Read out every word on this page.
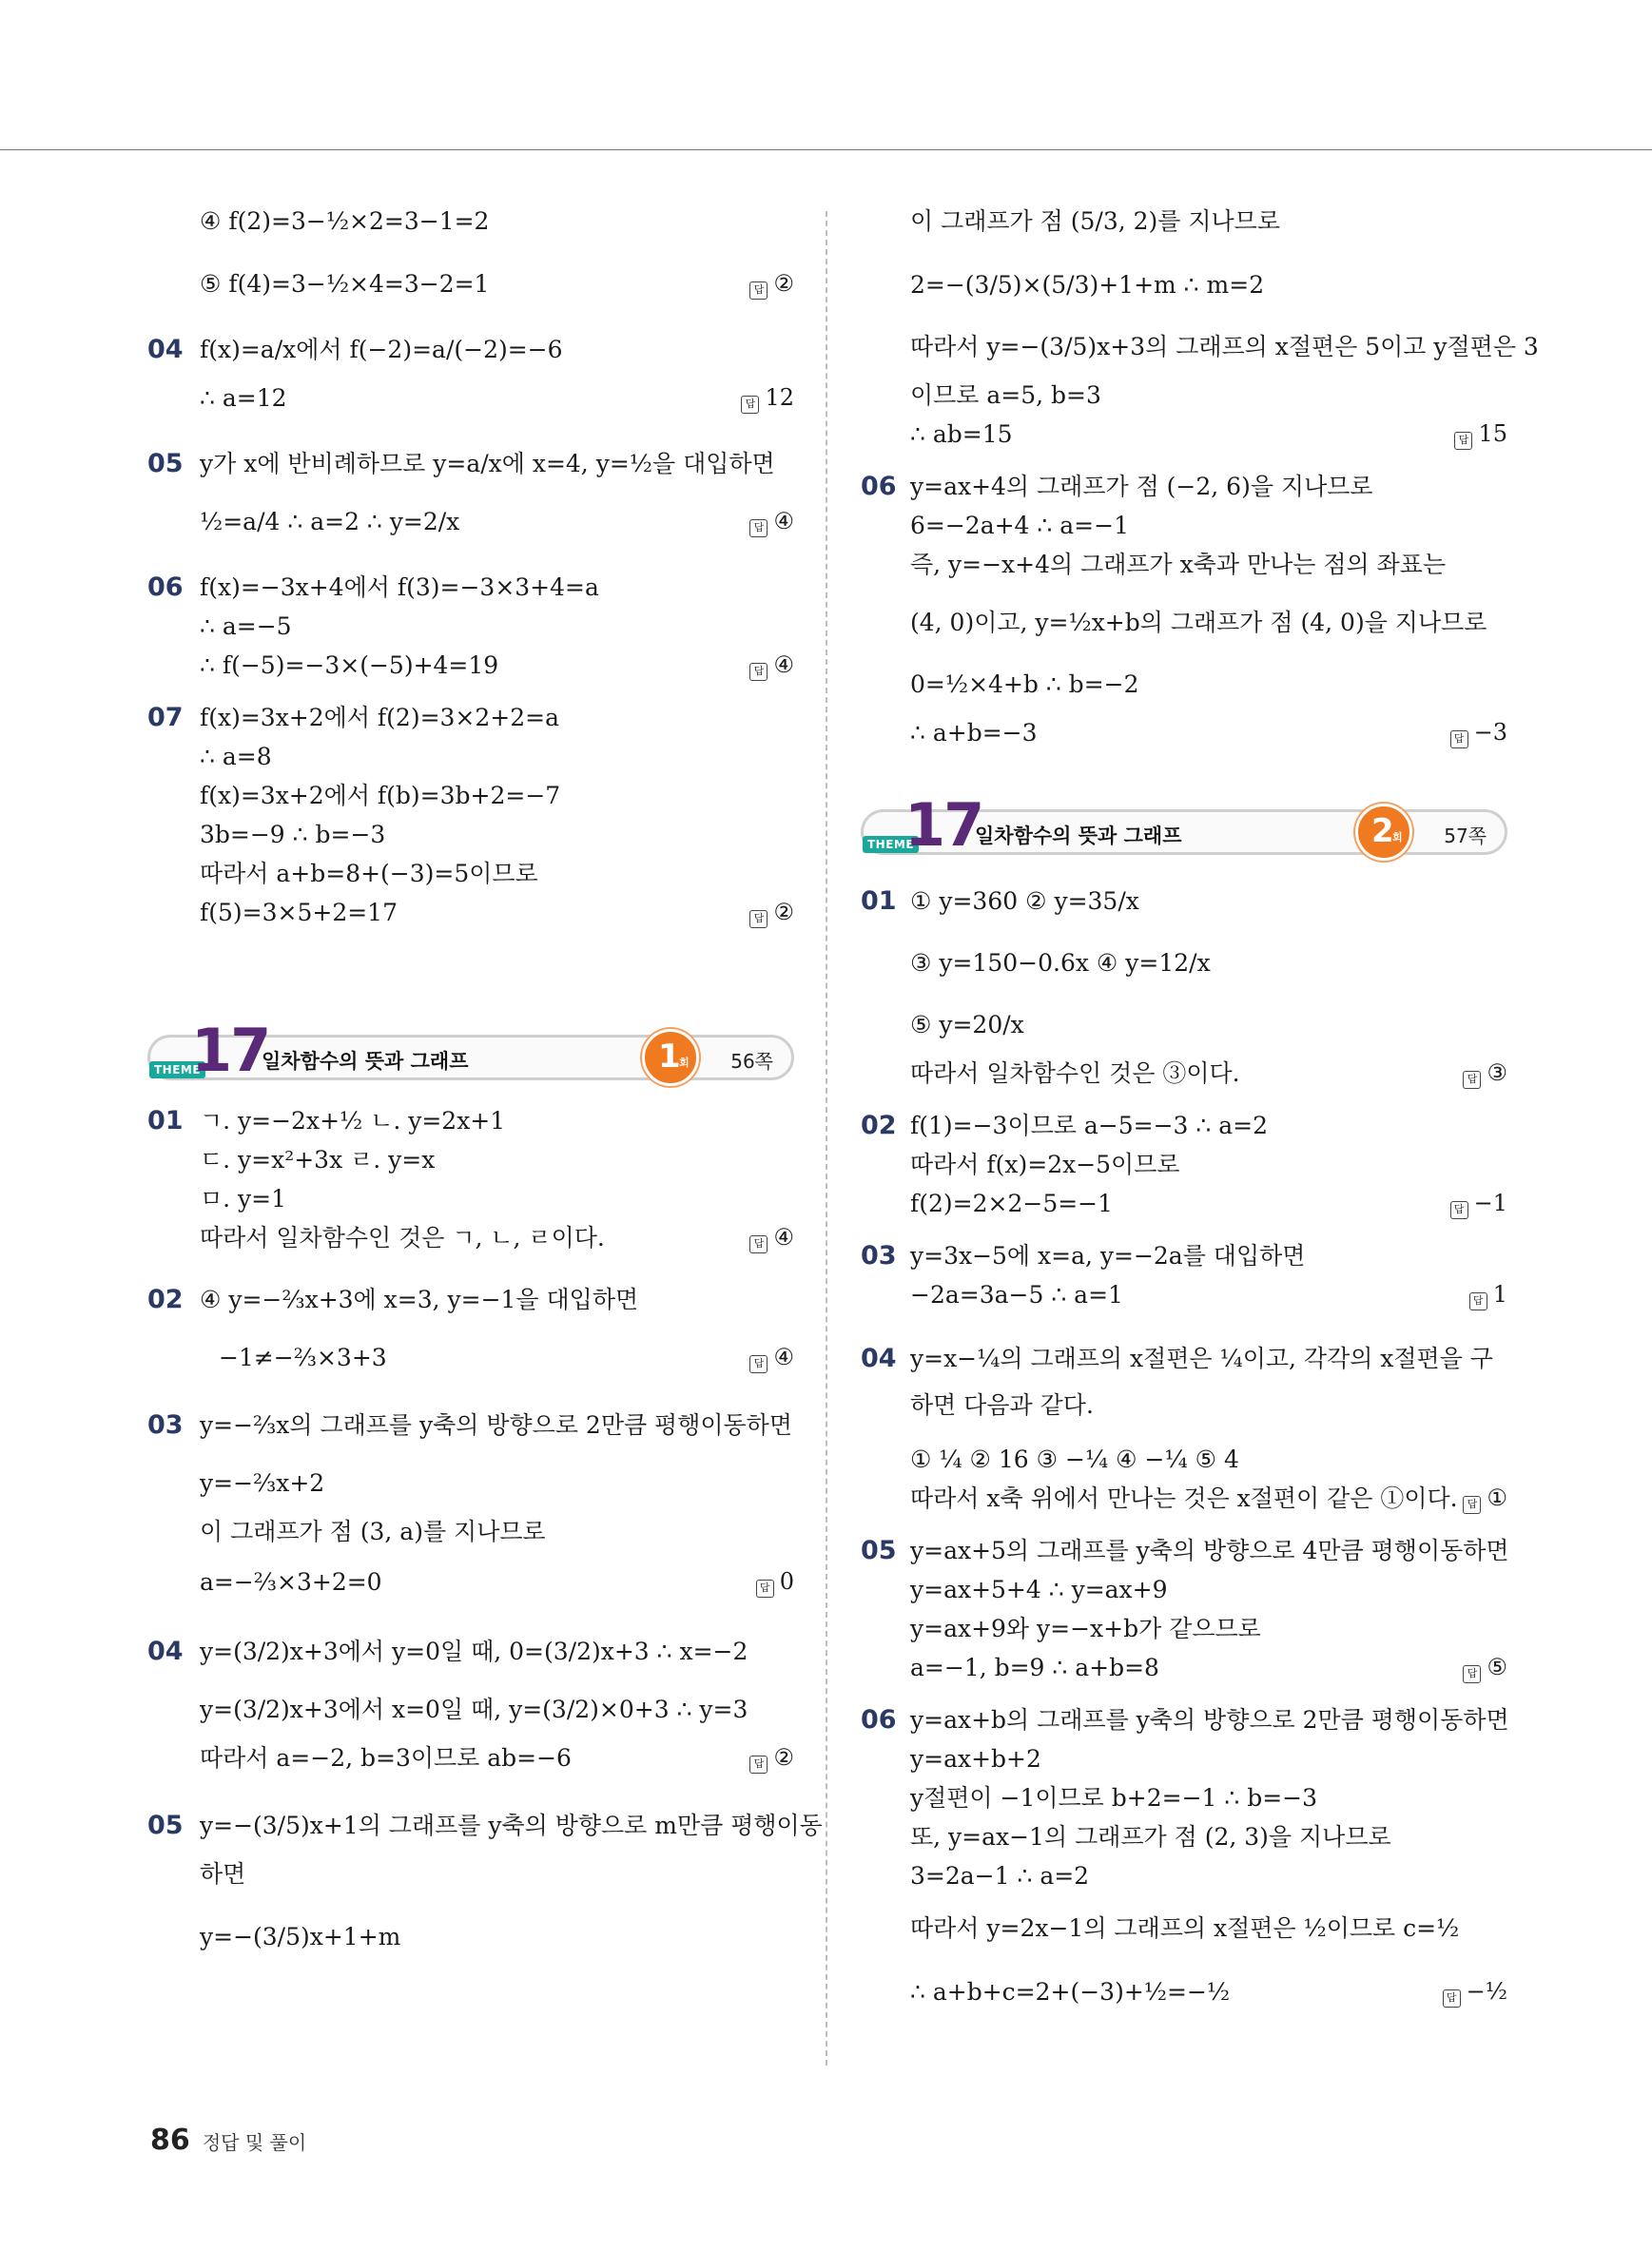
④ f(2)=3−½×2=3−1=2
⑤ f(4)=3−½×4=3−2=1	답 ②
04 f(x)=a/x에서 f(−2)=a/(−2)=−6
∴ a=12	답 12
05 y가 x에 반비례하므로 y=a/x에 x=4, y=½을 대입하면
½=a/4 ∴ a=2 ∴ y=2/x	답 ④
06 f(x)=−3x+4에서 f(3)=−3×3+4=a
∴ a=−5
∴ f(−5)=−3×(−5)+4=19	답 ④
07 f(x)=3x+2에서 f(2)=3×2+2=a
∴ a=8
f(x)=3x+2에서 f(b)=3b+2=−7
3b=−9 ∴ b=−3
따라서 a+b=8+(−3)=5이므로
f(5)=3×5+2=17	답 ②
THEME
17
일차함수의 뜻과 그래프	1
회 56쪽
01 ㄱ. y=−2x+½ ㄴ. y=2x+1
ㄷ. y=x²+3x ㄹ. y=x
ㅁ. y=1
따라서 일차함수인 것은 ㄱ, ㄴ, ㄹ이다.	답 ④
02 ④ y=−⅔x+3에 x=3, y=−1을 대입하면
−1≠−⅔×3+3	답 ④
03 y=−⅔x의 그래프를 y축의 방향으로 2만큼 평행이동하면
y=−⅔x+2
이 그래프가 점 (3, a)를 지나므로
a=−⅔×3+2=0	답 0
04 y=(3/2)x+3에서 y=0일 때, 0=(3/2)x+3 ∴ x=−2
y=(3/2)x+3에서 x=0일 때, y=(3/2)×0+3 ∴ y=3
따라서 a=−2, b=3이므로 ab=−6	답 ②
05 y=−(3/5)x+1의 그래프를 y축의 방향으로 m만큼 평행이동
하면
y=−(3/5)x+1+m
이 그래프가 점 (5/3, 2)를 지나므로
2=−(3/5)×(5/3)+1+m ∴ m=2
따라서 y=−(3/5)x+3의 그래프의 x절편은 5이고 y절편은 3
이므로 a=5, b=3
∴ ab=15	답 15
06 y=ax+4의 그래프가 점 (−2, 6)을 지나므로
6=−2a+4 ∴ a=−1
즉, y=−x+4의 그래프가 x축과 만나는 점의 좌표는
(4, 0)이고, y=½x+b의 그래프가 점 (4, 0)을 지나므로
0=½×4+b ∴ b=−2
∴ a+b=−3	답 −3
THEME
17
일차함수의 뜻과 그래프	2
회 57쪽
01 ① y=360 ② y=35/x
③ y=150−0.6x ④ y=12/x
⑤ y=20/x
따라서 일차함수인 것은 ③이다.	답 ③
02 f(1)=−3이므로 a−5=−3 ∴ a=2
따라서 f(x)=2x−5이므로
f(2)=2×2−5=−1	답 −1
03 y=3x−5에 x=a, y=−2a를 대입하면
−2a=3a−5 ∴ a=1	답 1
04 y=x−¼의 그래프의 x절편은 ¼이고, 각각의 x절편을 구
하면 다음과 같다.
① ¼ ② 16 ③ −¼ ④ −¼ ⑤ 4
따라서 x축 위에서 만나는 것은 x절편이 같은 ①이다. 답 ①
05 y=ax+5의 그래프를 y축의 방향으로 4만큼 평행이동하면
y=ax+5+4 ∴ y=ax+9
y=ax+9와 y=−x+b가 같으므로
a=−1, b=9 ∴ a+b=8	답 ⑤
06 y=ax+b의 그래프를 y축의 방향으로 2만큼 평행이동하면
y=ax+b+2
y절편이 −1이므로 b+2=−1 ∴ b=−3
또, y=ax−1의 그래프가 점 (2, 3)을 지나므로
3=2a−1 ∴ a=2
따라서 y=2x−1의 그래프의 x절편은 ½이므로 c=½
∴ a+b+c=2+(−3)+½=−½	답 −½
86 정답 및 풀이
